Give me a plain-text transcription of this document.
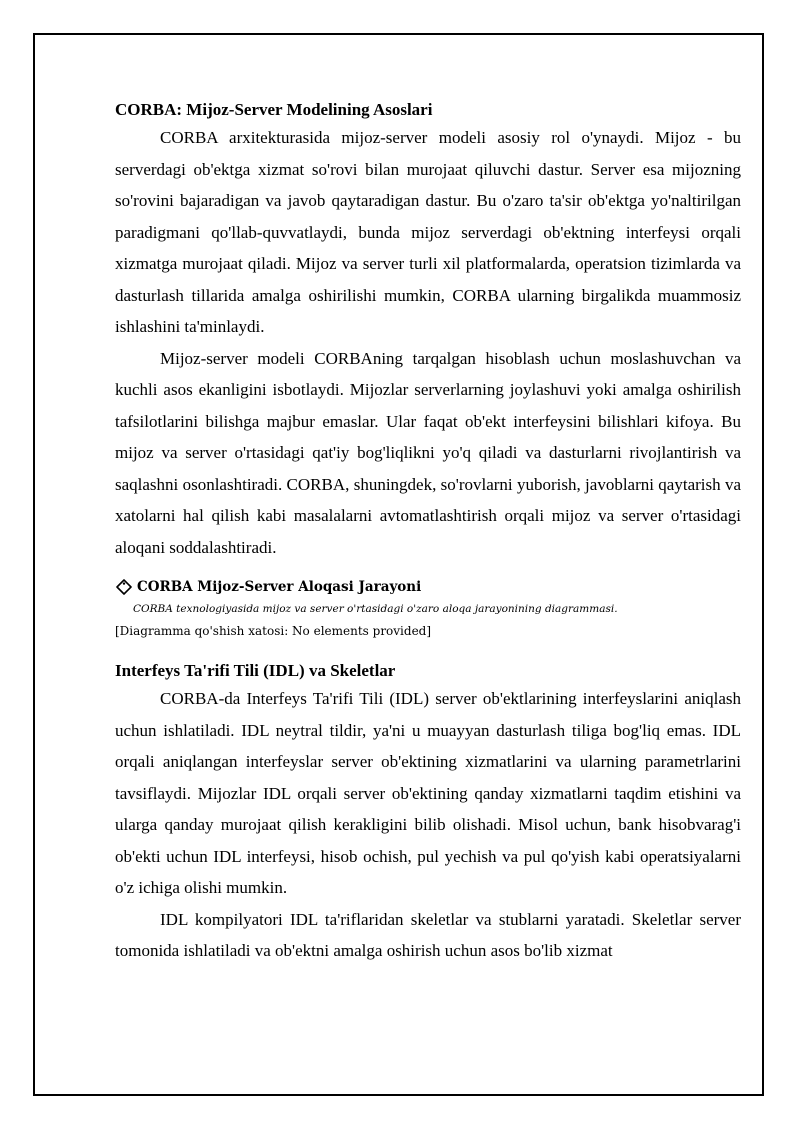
CORBA: Mijoz-Server Modelining Asoslari

CORBA arxitekturasida mijoz-server modeli asosiy rol o'ynaydi. Mijoz - bu serverdagi ob'ektga xizmat so'rovi bilan murojaat qiluvchi dastur. Server esa mijozning so'rovini bajaradigan va javob qaytaradigan dastur. Bu o'zaro ta'sir ob'ektga yo'naltirilgan paradigmani qo'llab-quvvatlaydi, bunda mijoz serverdagi ob'ektning interfeysi orqali xizmatga murojaat qiladi. Mijoz va server turli xil platformalarda, operatsion tizimlarda va dasturlash tillarida amalga oshirilishi mumkin, CORBA ularning birgalikda muammosiz ishlashini ta'minlaydi.

Mijoz-server modeli CORBAning tarqalgan hisoblash uchun moslashuvchan va kuchli asos ekanligini isbotlaydi. Mijozlar serverlarning joylashuvi yoki amalga oshirilish tafsilotlarini bilishga majbur emaslar. Ular faqat ob'ekt interfeysini bilishlari kifoya. Bu mijoz va server o'rtasidagi qat'iy bog'liqlikni yo'q qiladi va dasturlarni rivojlantirish va saqlashni osonlashtiradi. CORBA, shuningdek, so'rovlarni yuborish, javoblarni qaytarish va xatolarni hal qilish kabi masalalarni avtomatlashtirish orqali mijoz va server o'rtasidagi aloqani soddalashtiradi.

CORBA Mijoz-Server Aloqasi Jarayoni
CORBA texnologiyasida mijoz va server o'rtasidagi o'zaro aloqa jarayonining diagrammasi.
[Diagramma qo'shish xatosi: No elements provided]
Interfeys Ta'rifi Tili (IDL) va Skeletlar

CORBA-da Interfeys Ta'rifi Tili (IDL) server ob'ektlarining interfeyslarini aniqlash uchun ishlatiladi. IDL neytral tildir, ya'ni u muayyan dasturlash tiliga bog'liq emas. IDL orqali aniqlangan interfeyslar server ob'ektining xizmatlarini va ularning parametrlarini tavsiflaydi. Mijozlar IDL orqali server ob'ektining qanday xizmatlarni taqdim etishini va ularga qanday murojaat qilish kerakligini bilib olishadi. Misol uchun, bank hisobvarag'i ob'ekti uchun IDL interfeysi, hisob ochish, pul yechish va pul qo'yish kabi operatsiyalarni o'z ichiga olishi mumkin.

IDL kompilyatori IDL ta'riflaridan skeletlar va stublarni yaratadi. Skeletlar server tomonida ishlatiladi va ob'ektni amalga oshirish uchun asos bo'lib xizmat
